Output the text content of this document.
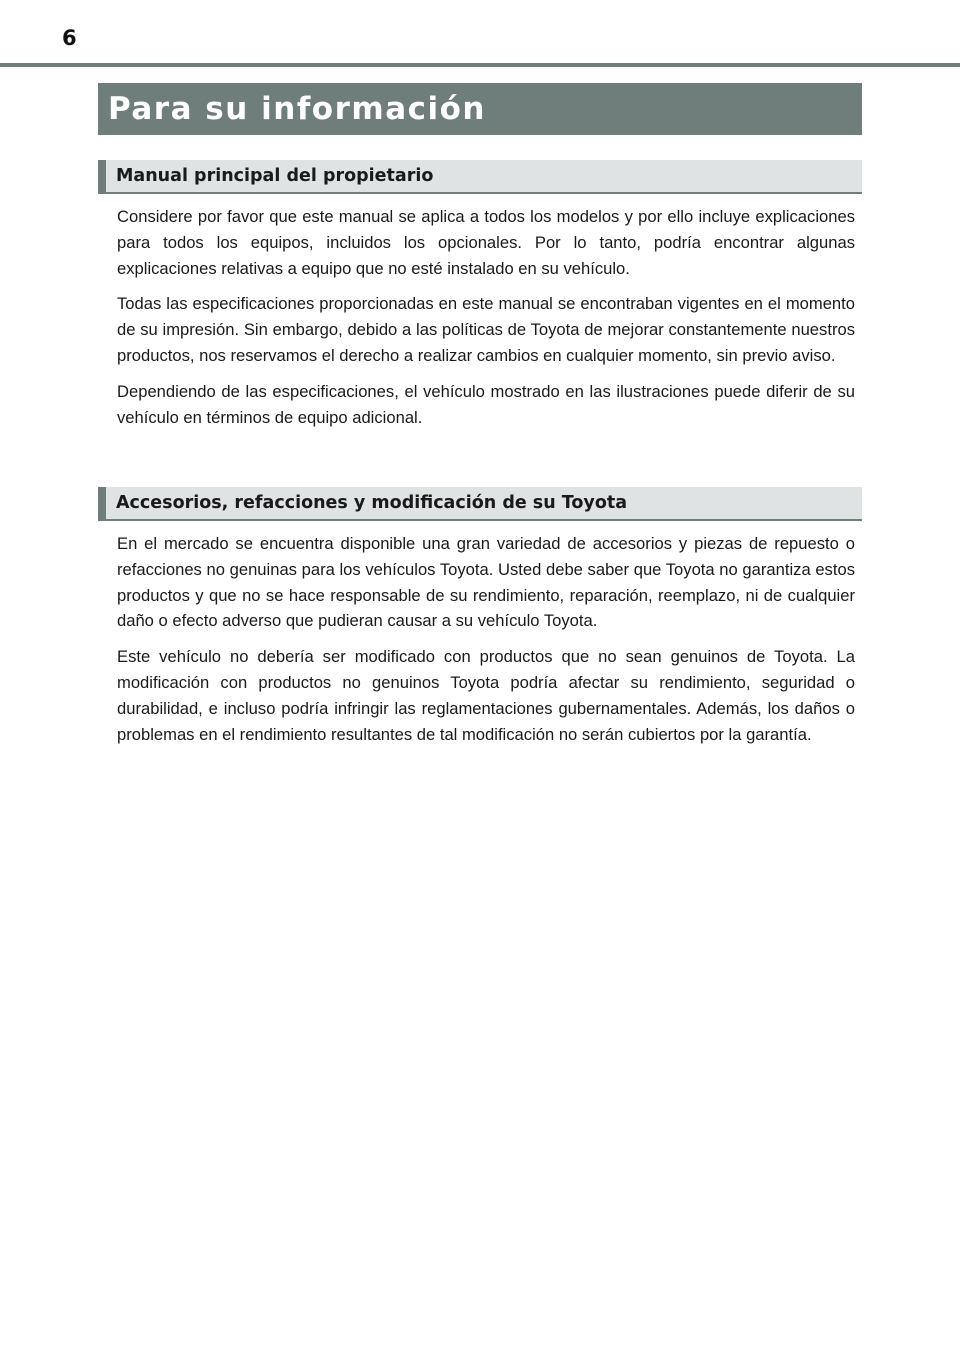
6
Para su información
Manual principal del propietario

Considere por favor que este manual se aplica a todos los modelos y por ello incluye explicaciones para todos los equipos, incluidos los opcionales. Por lo tanto, podría encontrar algunas explicaciones relativas a equipo que no esté instalado en su vehículo.

Todas las especificaciones proporcionadas en este manual se encontraban vigentes en el momento de su impresión. Sin embargo, debido a las políticas de Toyota de mejorar constantemente nuestros productos, nos reservamos el derecho a realizar cambios en cualquier momento, sin previo aviso.

Dependiendo de las especificaciones, el vehículo mostrado en las ilustraciones puede diferir de su vehículo en términos de equipo adicional.

Accesorios, refacciones y modificación de su Toyota

En el mercado se encuentra disponible una gran variedad de accesorios y piezas de repuesto o refacciones no genuinas para los vehículos Toyota. Usted debe saber que Toyota no garantiza estos productos y que no se hace responsable de su rendimiento, reparación, reemplazo, ni de cualquier daño o efecto adverso que pudieran causar a su vehículo Toyota.

Este vehículo no debería ser modificado con productos que no sean genuinos de Toyota. La modificación con productos no genuinos Toyota podría afectar su rendimiento, seguridad o durabilidad, e incluso podría infringir las reglamentaciones gubernamentales. Además, los daños o problemas en el rendimiento resultantes de tal modificación no serán cubiertos por la garantía.
